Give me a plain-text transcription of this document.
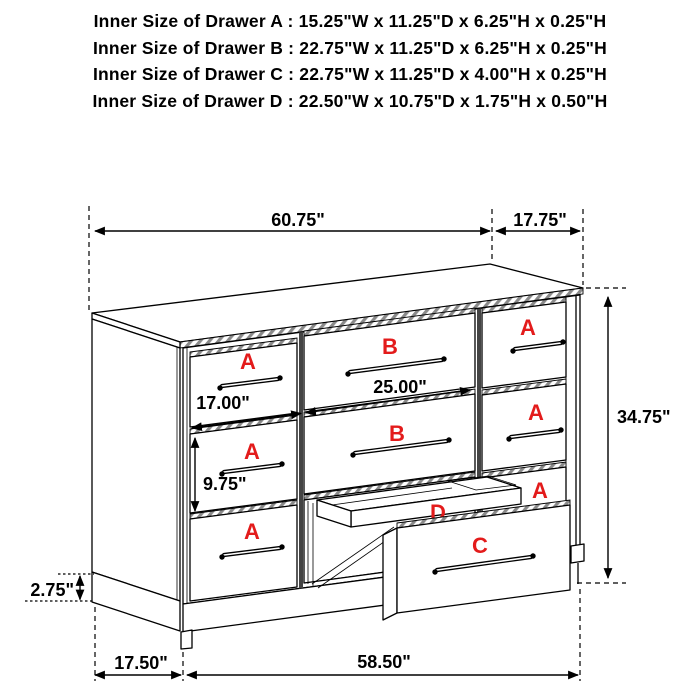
Inner Size of Drawer A : 15.25"W x 11.25"D x 6.25"H x 0.25"H
Inner Size of Drawer B : 22.75"W x 11.25"D x 6.25"H x 0.25"H
Inner Size of Drawer C : 22.75"W x 11.25"D x 4.00"H x 0.25"H
Inner Size of Drawer D : 22.50"W x 10.75"D x 1.75"H x 0.50"H
D
C
A
A
A
B
B
A
A
A
60.75"	17.75"
34.75"
17.00"
25.00"
9.75"
2.75"
17.50"	58.50"
